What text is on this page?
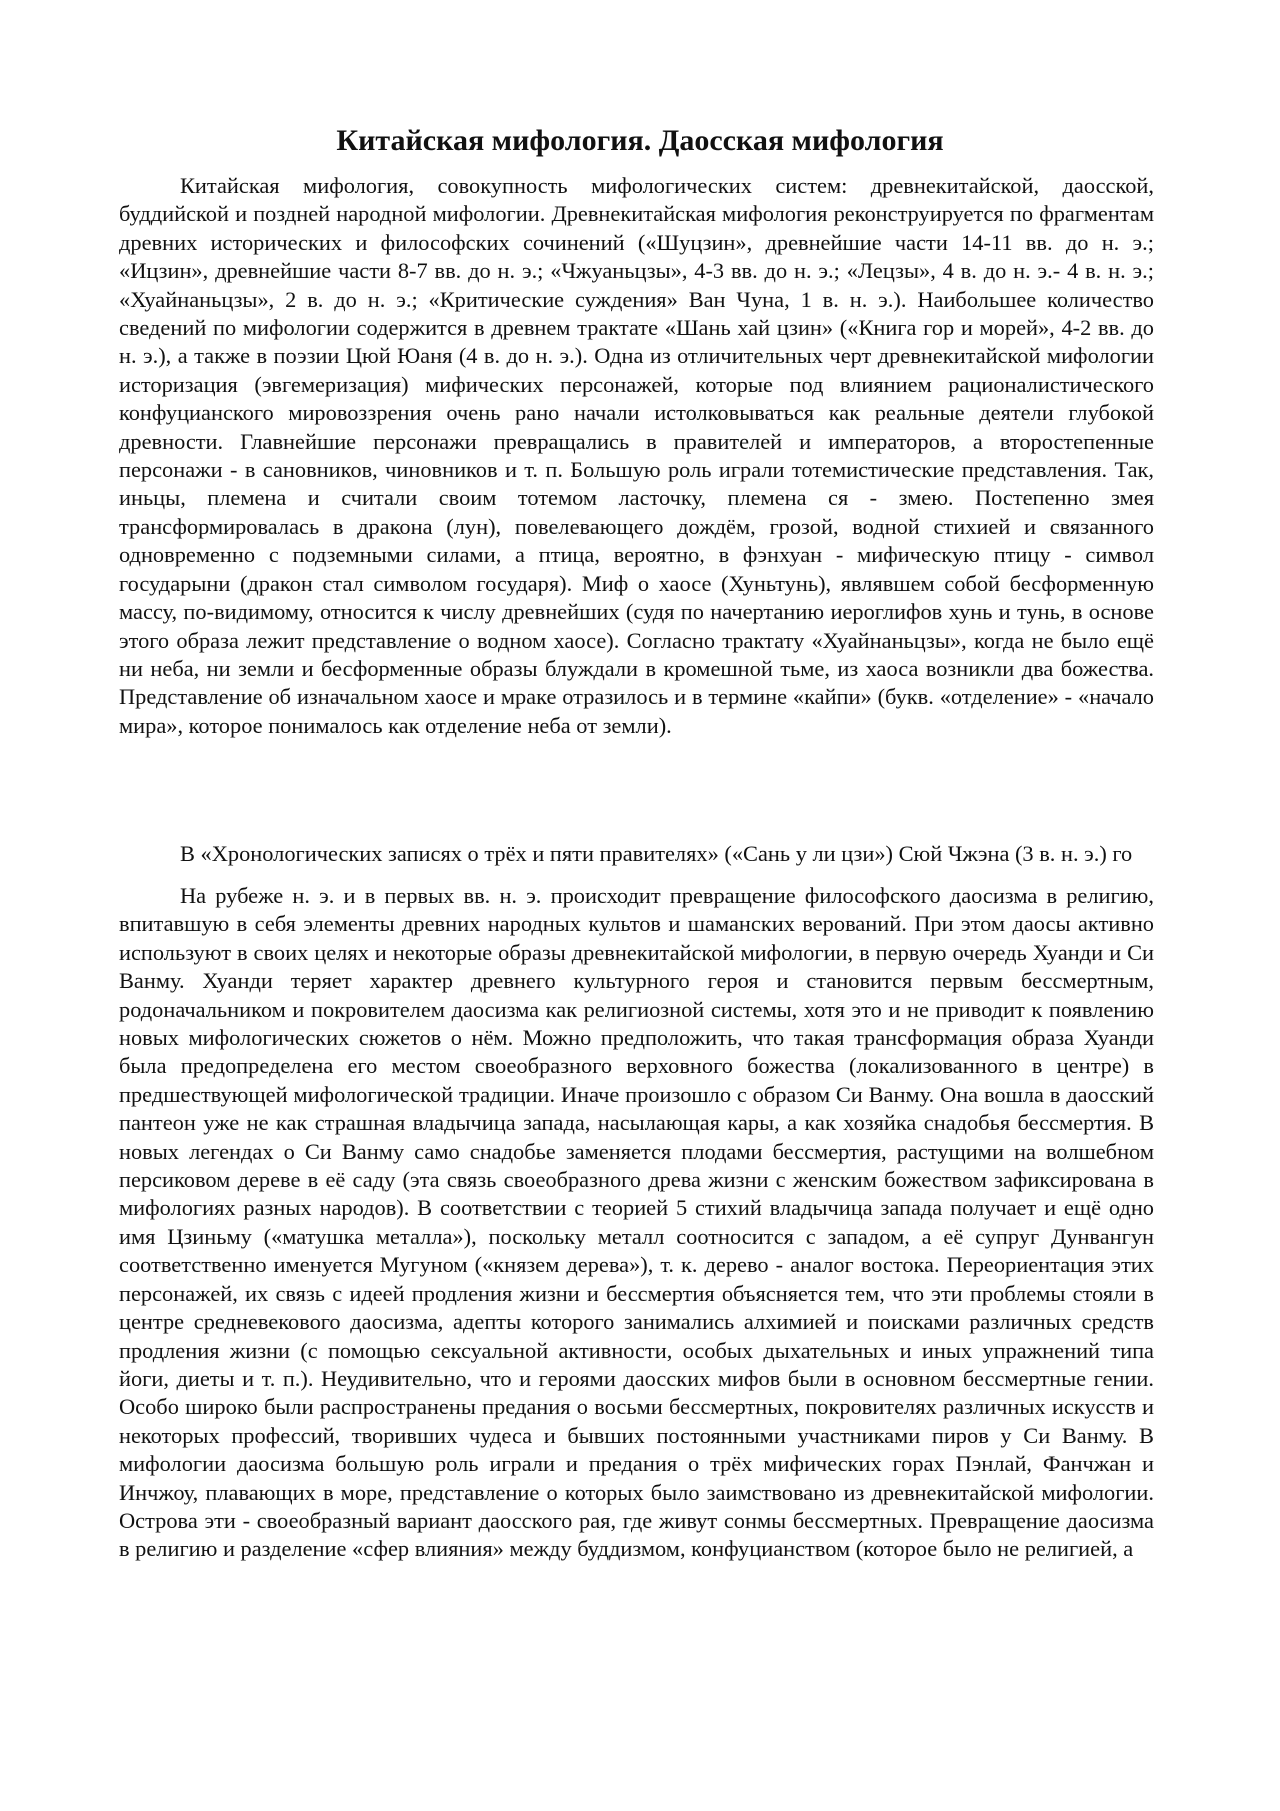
Китайская мифология. Даосская мифология

Китайская мифология, совокупность мифологических систем: древнекитайской, даосской, буддийской и поздней народной мифологии. Древнекитайская мифология реконструируется по фрагментам древних исторических и философских сочинений («Шуцзин», древнейшие части 14-11 вв. до н. э.; «Ицзин», древнейшие части 8-7 вв. до н. э.; «Чжуаньцзы», 4-3 вв. до н. э.; «Лецзы», 4 в. до н. э.- 4 в. н. э.; «Хуайнаньцзы», 2 в. до н. э.; «Критические суждения» Ван Чуна, 1 в. н. э.). Наибольшее количество сведений по мифологии содержится в древнем трактате «Шань хай цзин» («Книга гор и морей», 4-2 вв. до н. э.), а также в поэзии Цюй Юаня (4 в. до н. э.). Одна из отличительных черт древнекитайской мифологии историзация (эвгемеризация) мифических персонажей, которые под влиянием рационалистического конфуцианского мировоззрения очень рано начали истолковываться как реальные деятели глубокой древности. Главнейшие персонажи превращались в правителей и императоров, а второстепенные персонажи - в сановников, чиновников и т. п. Большую роль играли тотемистические представления. Так, иньцы, племена и считали своим тотемом ласточку, племена ся - змею. Постепенно змея трансформировалась в дракона (лун), повелевающего дождём, грозой, водной стихией и связанного одновременно с подземными силами, а птица, вероятно, в фэнхуан - мифическую птицу - символ государыни (дракон стал символом государя). Миф о хаосе (Хуньтунь), являвшем собой бесформенную массу, по-видимому, относится к числу древнейших (судя по начертанию иероглифов хунь и тунь, в основе этого образа лежит представление о водном хаосе). Согласно трактату «Хуайнаньцзы», когда не было ещё ни неба, ни земли и бесформенные образы блуждали в кромешной тьме, из хаоса возникли два божества. Представление об изначальном хаосе и мраке отразилось и в термине «кайпи» (букв. «отделение» - «начало мира», которое понималось как отделение неба от земли).

В «Хронологических записях о трёх и пяти правителях» («Сань у ли цзи») Сюй Чжэна (3 в. н. э.) го

На рубеже н. э. и в первых вв. н. э. происходит превращение философского даосизма в религию, впитавшую в себя элементы древних народных культов и шаманских верований. При этом даосы активно используют в своих целях и некоторые образы древнекитайской мифологии, в первую очередь Хуанди и Си Ванму. Хуанди теряет характер древнего культурного героя и становится первым бессмертным, родоначальником и покровителем даосизма как религиозной системы, хотя это и не приводит к появлению новых мифологических сюжетов о нём. Можно предположить, что такая трансформация образа Хуанди была предопределена его местом своеобразного верховного божества (локализованного в центре) в предшествующей мифологической традиции. Иначе произошло с образом Си Ванму. Она вошла в даосский пантеон уже не как страшная владычица запада, насылающая кары, а как хозяйка снадобья бессмертия. В новых легендах о Си Ванму само снадобье заменяется плодами бессмертия, растущими на волшебном персиковом дереве в её саду (эта связь своеобразного древа жизни с женским божеством зафиксирована в мифологиях разных народов). В соответствии с теорией 5 стихий владычица запада получает и ещё одно имя Цзиньму («матушка металла»), поскольку металл соотносится с западом, а её супруг Дунвангун соответственно именуется Мугуном («князем дерева»), т. к. дерево - аналог востока. Переориентация этих персонажей, их связь с идеей продления жизни и бессмертия объясняется тем, что эти проблемы стояли в центре средневекового даосизма, адепты которого занимались алхимией и поисками различных средств продления жизни (с помощью сексуальной активности, особых дыхательных и иных упражнений типа йоги, диеты и т. п.). Неудивительно, что и героями даосских мифов были в основном бессмертные гении. Особо широко были распространены предания о восьми бессмертных, покровителях различных искусств и некоторых профессий, творивших чудеса и бывших постоянными участниками пиров у Си Ванму. В мифологии даосизма большую роль играли и предания о трёх мифических горах Пэнлай, Фанчжан и Инчжоу, плавающих в море, представление о которых было заимствовано из древнекитайской мифологии. Острова эти - своеобразный вариант даосского рая, где живут сонмы бессмертных. Превращение даосизма в религию и разделение «сфер влияния» между буддизмом, конфуцианством (которое было не религией, а
